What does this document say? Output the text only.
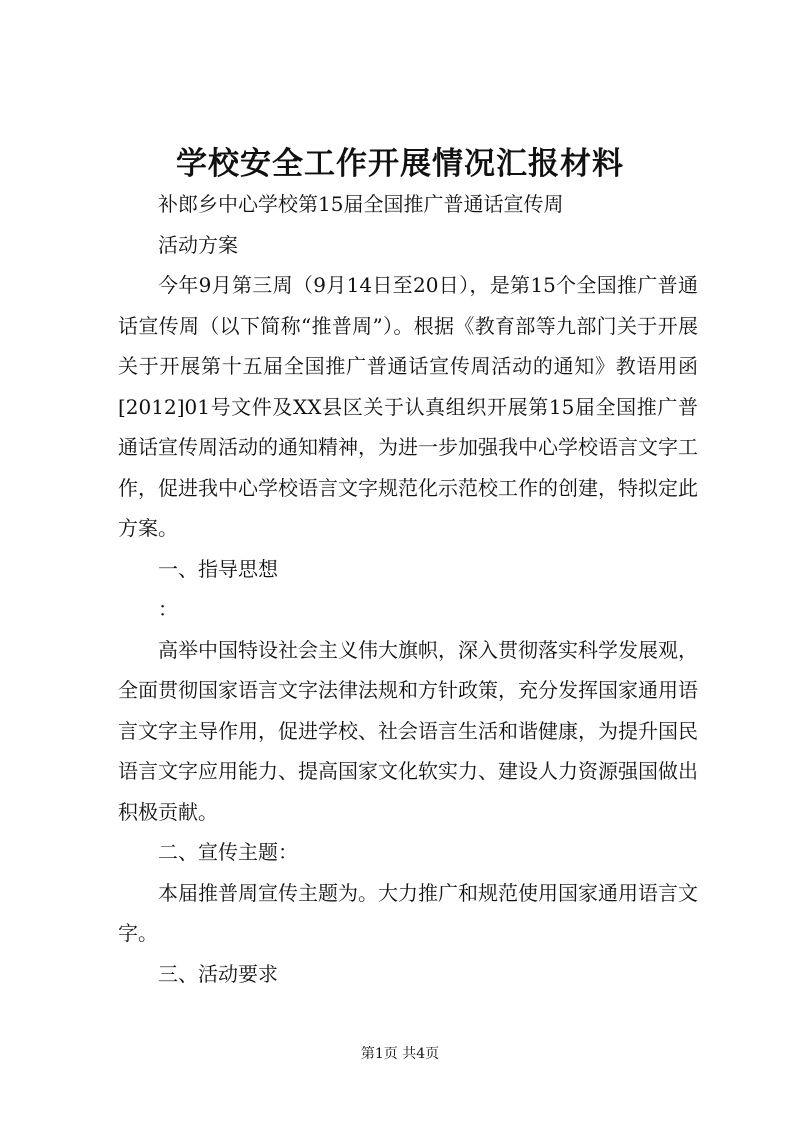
学校安全工作开展情况汇报材料

补郎乡中心学校第15届全国推广普通话宣传周

活动方案

今年9月第三周（9月14日至20日），是第15个全国推广普通话宣传周（以下简称“推普周”）。根据《教育部等九部门关于开展关于开展第十五届全国推广普通话宣传周活动的通知》教语用函[2012]01号文件及XX县区关于认真组织开展第15届全国推广普通话宣传周活动的通知精神，为进一步加强我中心学校语言文字工作，促进我中心学校语言文字规范化示范校工作的创建，特拟定此方案。

一、指导思想

：

高举中国特设社会主义伟大旗帜，深入贯彻落实科学发展观，全面贯彻国家语言文字法律法规和方针政策，充分发挥国家通用语言文字主导作用，促进学校、社会语言生活和谐健康，为提升国民语言文字应用能力、提高国家文化软实力、建设人力资源强国做出积极贡献。

二、宣传主题：

本届推普周宣传主题为。大力推广和规范使用国家通用语言文字。

三、活动要求

第1页 共4页
